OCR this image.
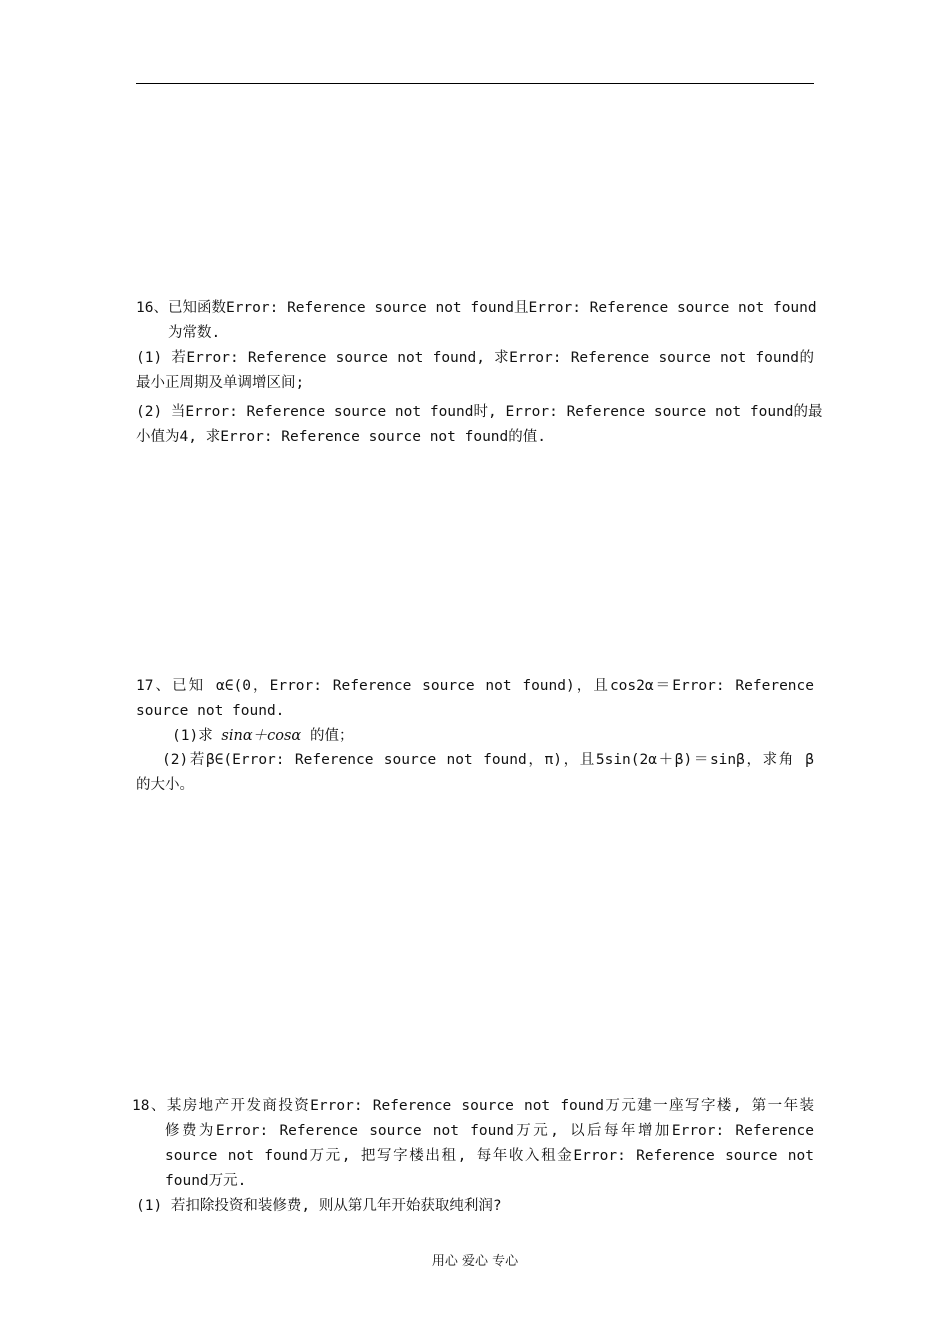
16、已知函数Error: Reference source not found且Error: Reference source not found
为常数.
(1) 若Error: Reference source not found, 求Error: Reference source not found的
最小正周期及单调增区间;
(2) 当Error: Reference source not found时, Error: Reference source not found的最
小值为4, 求Error: Reference source not found的值.
17、已知 α∈(0，Error: Reference source not found)，且cos2α＝Error: Reference
source not found.
(1)求 sinα＋cosα 的值；
(2)若β∈(Error: Reference source not found，π)，且5sin(2α＋β)＝sinβ，求角 β
的大小。
18、某房地产开发商投资Error: Reference source not found万元建一座写字楼, 第一年装
修费为Error: Reference source not found万元, 以后每年增加Error: Reference
source not found万元, 把写字楼出租, 每年收入租金Error: Reference source not
found万元.
(1) 若扣除投资和装修费, 则从第几年开始获取纯利润?
用心 爱心 专心
